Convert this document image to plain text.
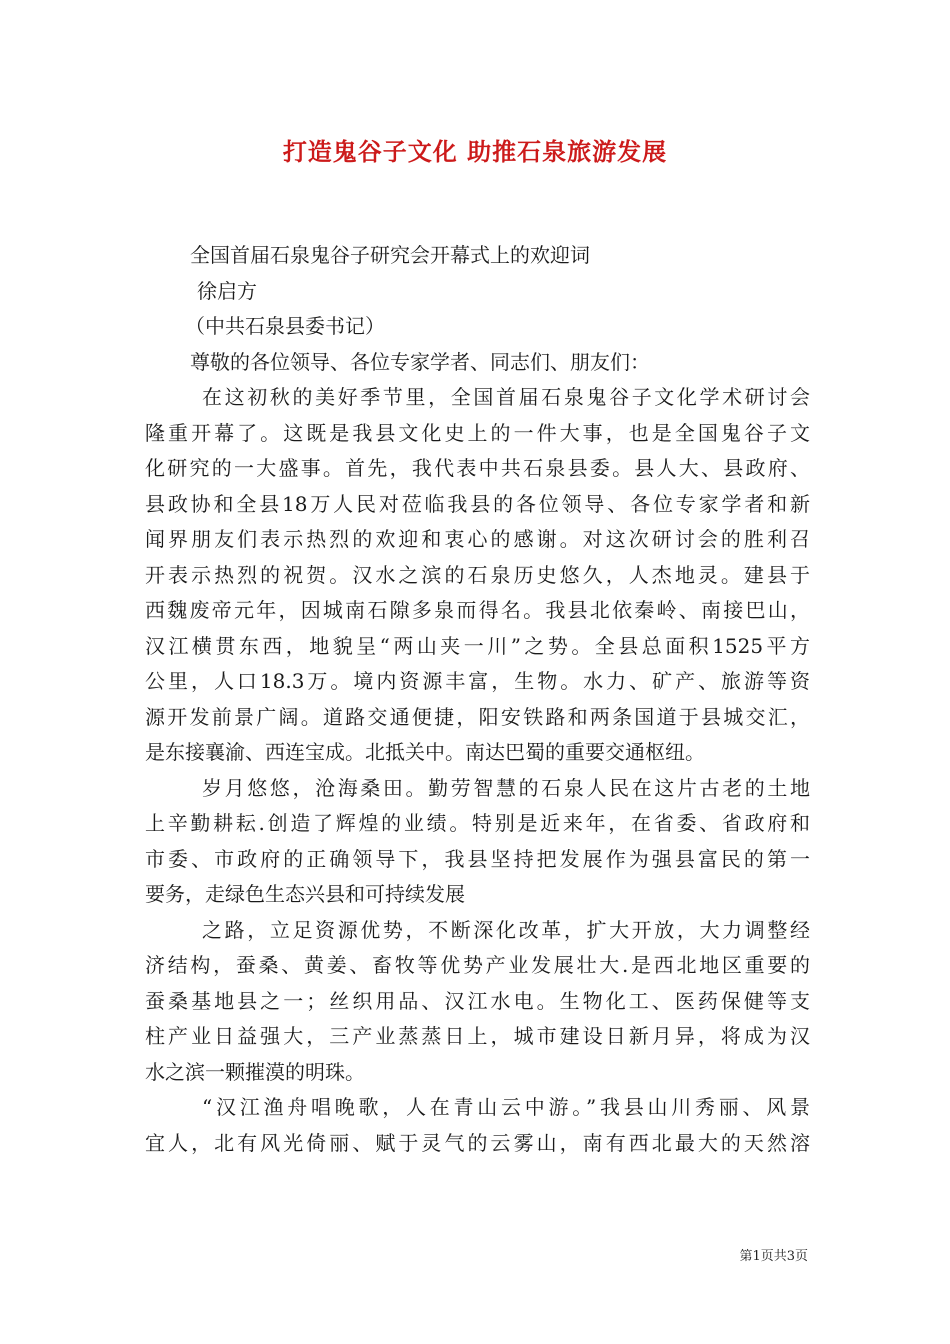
打造鬼谷子文化 助推石泉旅游发展
全国首届石泉鬼谷子研究会开幕式上的欢迎词
徐启方
（中共石泉县委书记）
尊敬的各位领导、各位专家学者、同志们、朋友们：
在这初秋的美好季节里，全国首届石泉鬼谷子文化学术研讨会
隆重开幕了。这既是我县文化史上的一件大事，也是全国鬼谷子文
化研究的一大盛事。首先，我代表中共石泉县委。县人大、县政府、
县政协和全县18万人民对莅临我县的各位领导、各位专家学者和新
闻界朋友们表示热烈的欢迎和衷心的感谢。对这次研讨会的胜利召
开表示热烈的祝贺。汉水之滨的石泉历史悠久，人杰地灵。建县于
西魏废帝元年，因城南石隙多泉而得名。我县北依秦岭、南接巴山，
汉江横贯东西，地貌呈“两山夹一川”之势。全县总面积1525平方
公里，人口18.3万。境内资源丰富，生物。水力、矿产、旅游等资
源开发前景广阔。道路交通便捷，阳安铁路和两条国道于县城交汇，
是东接襄渝、西连宝成。北抵关中。南达巴蜀的重要交通枢纽。
岁月悠悠，沧海桑田。勤劳智慧的石泉人民在这片古老的土地
上辛勤耕耘.创造了辉煌的业绩。特别是近来年，在省委、省政府和
市委、市政府的正确领导下，我县坚持把发展作为强县富民的第一
要务，走绿色生态兴县和可持续发展
之路，立足资源优势，不断深化改革，扩大开放，大力调整经
济结构，蚕桑、黄姜、畜牧等优势产业发展壮大.是西北地区重要的
蚕桑基地县之一；丝织用品、汉江水电。生物化工、医药保健等支
柱产业日益强大，三产业蒸蒸日上，城市建设日新月异，将成为汉
水之滨一颗摧漠的明珠。
“汉江渔舟唱晚歌，人在青山云中游。”我县山川秀丽、风景
宜人，北有风光倚丽、赋于灵气的云雾山，南有西北最大的天然溶
第1页共3页
